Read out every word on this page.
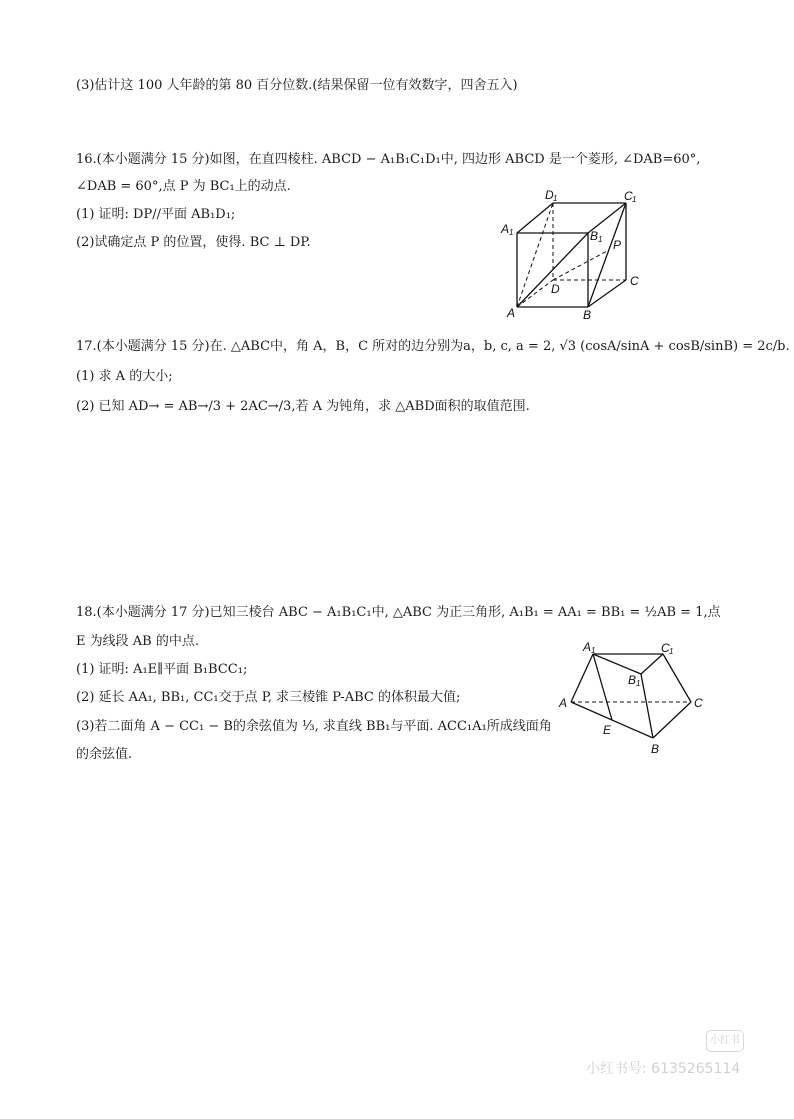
(3)估计这 100 人年龄的第 80 百分位数.(结果保留一位有效数字，四舍五入)
16.(本小题满分 15 分)如图，在直四棱柱. ABCD − A₁B₁C₁D₁中, 四边形 ABCD 是一个菱形, ∠DAB=60°,
∠DAB = 60°,点 P 为 BC₁上的动点.
(1) 证明: DP//平面 AB₁D₁;
(2)试确定点 P 的位置，使得. BC ⊥ DP.
D 1	C 1
A 1	B 1 P
D
C
A	B
17.(本小题满分 15 分)在. △ABC中，角 A，B，C 所对的边分别为a，b, c, a = 2, √3 (cosA/sinA + cosB/sinB) = 2c/b.
(1) 求 A 的大小;
(2) 已知 AD→ = AB→/3 + 2AC→/3,若 A 为钝角，求 △ABD面积的取值范围.
18.(本小题满分 17 分)已知三棱台 ABC − A₁B₁C₁中, △ABC 为正三角形, A₁B₁ = AA₁ = BB₁ = ½AB = 1,点
E 为线段 AB 的中点.
(1) 证明: A₁E∥平面 B₁BCC₁;
(2) 延长 AA₁, BB₁, CC₁交于点 P, 求三棱锥 P-ABC 的体积最大值;
(3)若二面角 A − CC₁ − B的余弦值为 ⅓, 求直线 BB₁与平面. ACC₁A₁所成线面角
的余弦值.
A 1	C 1
B 1
A	C
E
B
小红书
小红书号: 6135265114
